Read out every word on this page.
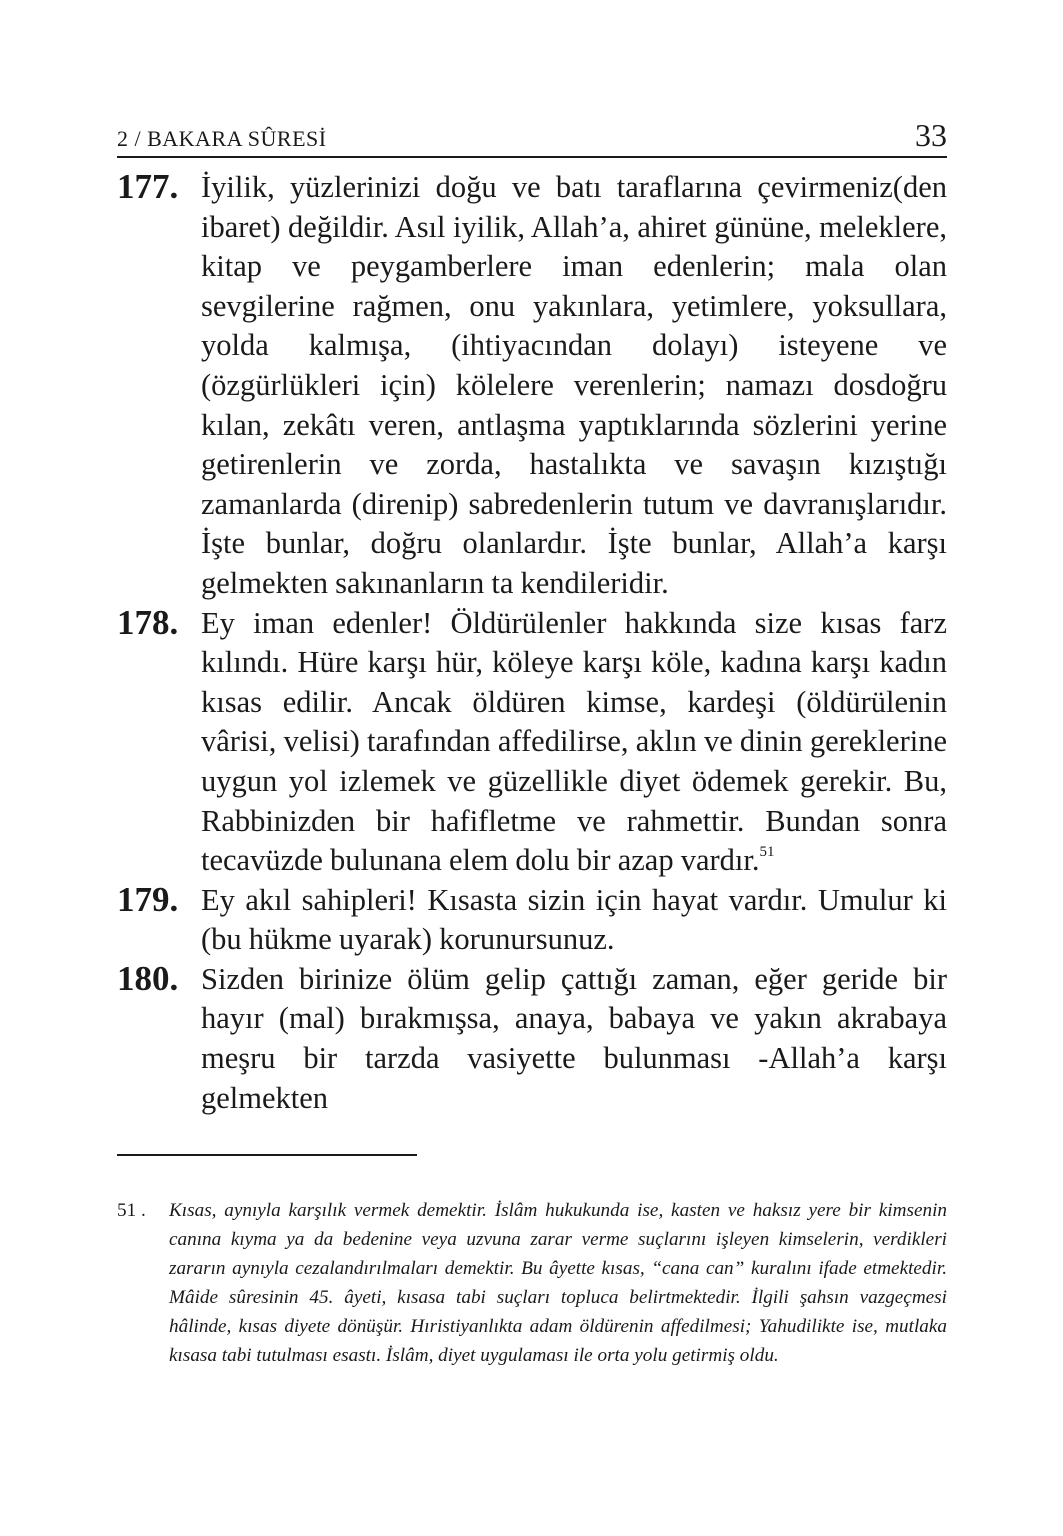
2 / BAKARA SÛRESİ	33
177. İyilik, yüzlerinizi doğu ve batı taraflarına çevirmeniz(den ibaret) değildir. Asıl iyilik, Allah’a, ahiret gününe, meleklere, kitap ve peygamberlere iman edenlerin; mala olan sevgilerine rağmen, onu yakınlara, yetimlere, yoksullara, yolda kalmışa, (ihtiyacından dolayı) isteyene ve (özgürlükleri için) kölelere verenlerin; namazı dosdoğru kılan, zekâtı veren, antlaşma yaptıklarında sözlerini yerine getirenlerin ve zorda, hastalıkta ve savaşın kızıştığı zamanlarda (direnip) sabredenlerin tutum ve davranışlarıdır. İşte bunlar, doğru olanlardır. İşte bunlar, Allah’a karşı gelmekten sakınanların ta kendileridir.
178. Ey iman edenler! Öldürülenler hakkında size kısas farz kılındı. Hüre karşı hür, köleye karşı köle, kadına karşı kadın kısas edilir. Ancak öldüren kimse, kardeşi (öldürülenin vârisi, velisi) tarafından affedilirse, aklın ve dinin gereklerine uygun yol izlemek ve güzellikle diyet ödemek gerekir. Bu, Rabbinizden bir hafifletme ve rahmettir. Bundan sonra tecavüzde bulunana elem dolu bir azap vardır.$^{51}$
179. Ey akıl sahipleri! Kısasta sizin için hayat vardır. Umulur ki (bu hükme uyarak) korunursunuz.
180. Sizden birinize ölüm gelip çattığı zaman, eğer geride bir hayır (mal) bırakmışsa, anaya, babaya ve yakın akrabaya meşru bir tarzda vasiyette bulunması -Allah’a karşı gelmekten
51 .	Kısas, aynıyla karşılık vermek demektir. İslâm hukukunda ise, kasten ve haksız yere bir kimsenin canına kıyma ya da bedenine veya uzvuna zarar verme suçlarını işleyen kimselerin, verdikleri zararın aynıyla cezalandırılmaları demektir. Bu âyette kısas, “cana can” kuralını ifade etmektedir. Mâide sûresinin 45. âyeti, kısasa tabi suçları topluca belirtmektedir. İlgili şahsın vazgeçmesi hâlinde, kısas diyete dönüşür. Hıristiyanlıkta adam öldürenin affedilmesi; Yahudilikte ise, mutlaka kısasa tabi tutulması esastı. İslâm, diyet uygulaması ile orta yolu getirmiş oldu.
